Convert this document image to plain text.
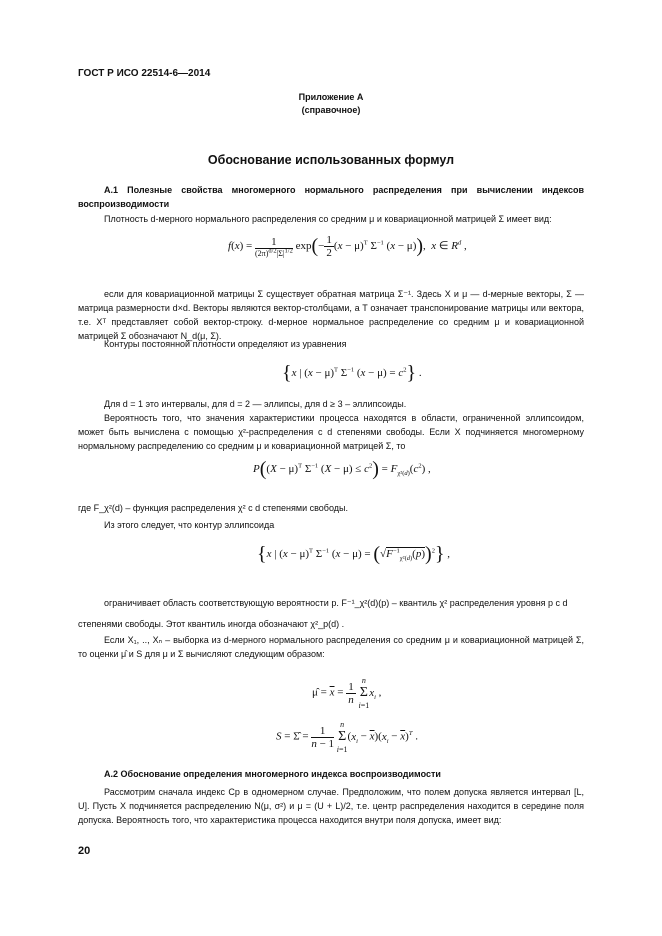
ГОСТ Р ИСО 22514-6—2014
Приложение А
(справочное)
Обоснование использованных формул
А.1 Полезные свойства многомерного нормального распределения при вычислении индексов воспроизводимости
Плотность d-мерного нормального распределения со средним μ и ковариационной матрицей Σ имеет вид:
$f(x) = \frac{1}{(2\pi)^{d/2}|\Sigma|^{1/2}} \exp(- \frac{1}{2} (x - \mu)^T$ $\Sigma^{-1}$ (x − μ)),  x ∈ $R^d$ ,
если для ковариационной матрицы Σ существует обратная матрица Σ⁻¹. Здесь X и μ — d-мерные векторы, Σ — матрица размерности d×d. Векторы являются вектор-столбцами, а T означает транспонирование матрицы или вектора, т.е. Xᵀ представляет собой вектор-строку. d-мерное нормальное распределение со средним μ и ковариационной матрицей Σ обозначают N_d(μ, Σ).
Контуры постоянной плотности определяют из уравнения
{x | $(x - \mu)^T$ $\Sigma^{-1}$ $(x - \mu) = c^2$} .
Для d = 1 это интервалы, для d = 2 — эллипсы, для d ≥ 3 – эллипсоиды.
Вероятность того, что значения характеристики процесса находятся в области, ограниченной эллипсоидом, может быть вычислена с помощью χ²-распределения с d степенями свободы. Если X подчиняется многомерному нормальному распределению со средним μ и ковариационной матрицей Σ, то
$P((X - \mu)^T$ $\Sigma^{-1}$ $(X - \mu) \le c^2) = F_{\chi^2(d)}(c^2)$ ,
где F_χ²(d) – функция распределения χ² с d степенями свободы.
Из этого следует, что контур эллипсоида
{x | $(x - \mu)^T$ $\Sigma^{-1}$ $(x - \mu) = (√F^{-1}_{\chi^2(d)}(p))^2$} ,
ограничивает область соответствующую вероятности p. F⁻¹_χ²(d)(p) – квантиль χ² распределения уровня p с d
степенями свободы. Этот квантиль иногда обозначают χ²_p(d) .
Если X₁, .., Xₙ – выборка из d-мерного нормального распределения со средним μ и ковариационной матрицей Σ, то оценки μ̂ и S для μ и Σ вычисляют следующим образом:
μ̂ = $\overline{x} = \frac{1}{n}$
n
Σ
i=1
$x_i$ ,
S = Σ̂ = $\frac{1}{n - 1}$
n
Σ
i=1
$(x_i - \overline{x})(x_i - \overline{x})^T$ .
А.2 Обоснование определения многомерного индекса воспроизводимости
Рассмотрим сначала индекс Cp в одномерном случае. Предположим, что полем допуска является интервал [L, U]. Пусть X подчиняется распределению N(μ, σ²) и μ = (U + L)/2, т.е. центр распределения находится в середине поля допуска. Вероятность того, что характеристика процесса находится внутри поля допуска, имеет вид:
20
